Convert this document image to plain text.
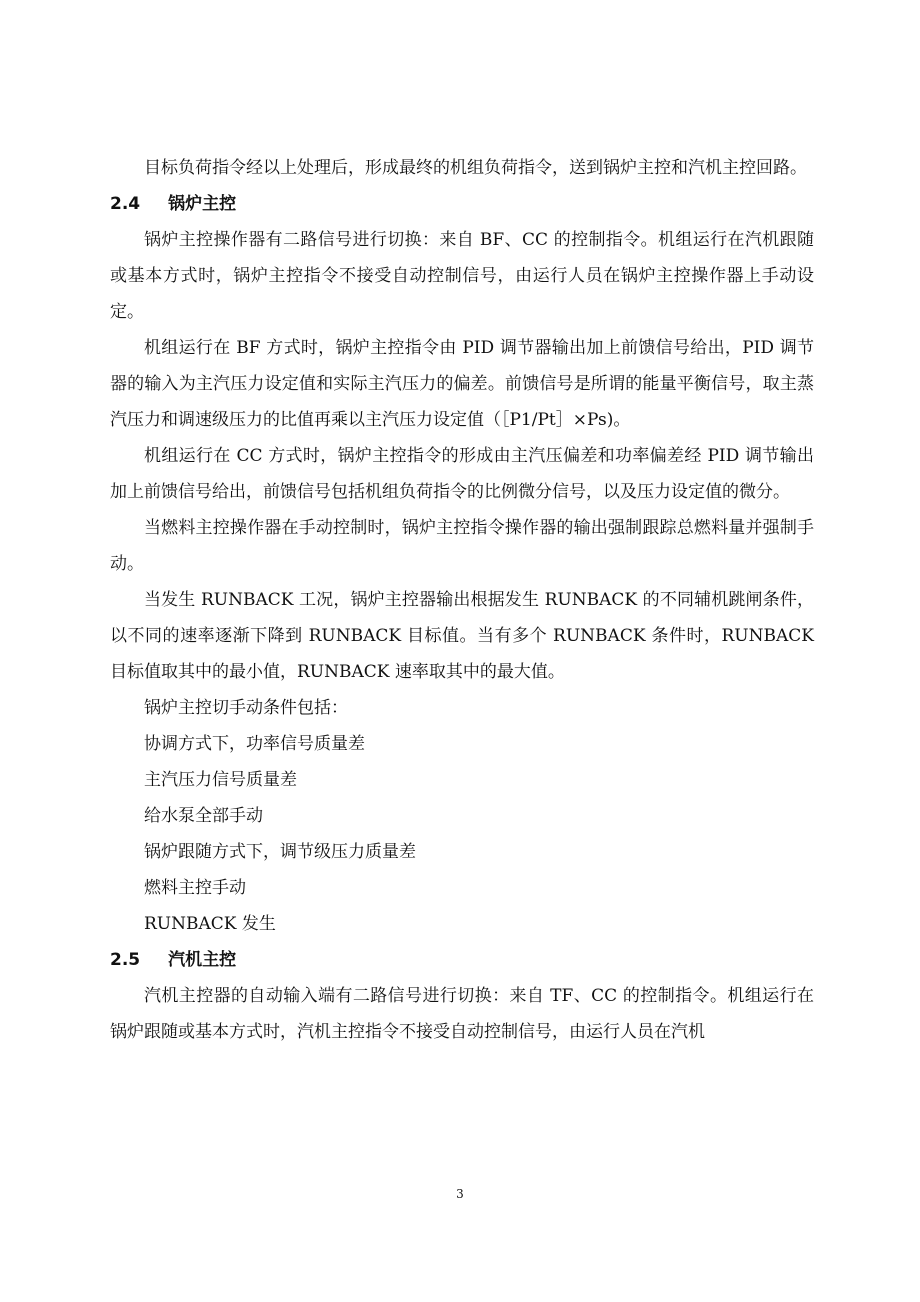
目标负荷指令经以上处理后，形成最终的机组负荷指令，送到锅炉主控和汽机主控回路。

2.4 锅炉主控

锅炉主控操作器有二路信号进行切换：来自 BF、CC 的控制指令。机组运行在汽机跟随或基本方式时，锅炉主控指令不接受自动控制信号，由运行人员在锅炉主控操作器上手动设定。

机组运行在 BF 方式时，锅炉主控指令由 PID 调节器输出加上前馈信号给出，PID 调节器的输入为主汽压力设定值和实际主汽压力的偏差。前馈信号是所谓的能量平衡信号，取主蒸汽压力和调速级压力的比值再乘以主汽压力设定值（［P1/Pt］×Ps)。

机组运行在 CC 方式时，锅炉主控指令的形成由主汽压偏差和功率偏差经 PID 调节输出加上前馈信号给出，前馈信号包括机组负荷指令的比例微分信号，以及压力设定值的微分。

当燃料主控操作器在手动控制时，锅炉主控指令操作器的输出强制跟踪总燃料量并强制手动。

当发生 RUNBACK 工况，锅炉主控器输出根据发生 RUNBACK 的不同辅机跳闸条件，以不同的速率逐渐下降到 RUNBACK 目标值。当有多个 RUNBACK 条件时，RUNBACK 目标值取其中的最小值，RUNBACK 速率取其中的最大值。

锅炉主控切手动条件包括：

协调方式下，功率信号质量差

主汽压力信号质量差

给水泵全部手动

锅炉跟随方式下，调节级压力质量差

燃料主控手动

RUNBACK 发生

2.5 汽机主控

汽机主控器的自动输入端有二路信号进行切换：来自 TF、CC 的控制指令。机组运行在锅炉跟随或基本方式时，汽机主控指令不接受自动控制信号，由运行人员在汽机

3
